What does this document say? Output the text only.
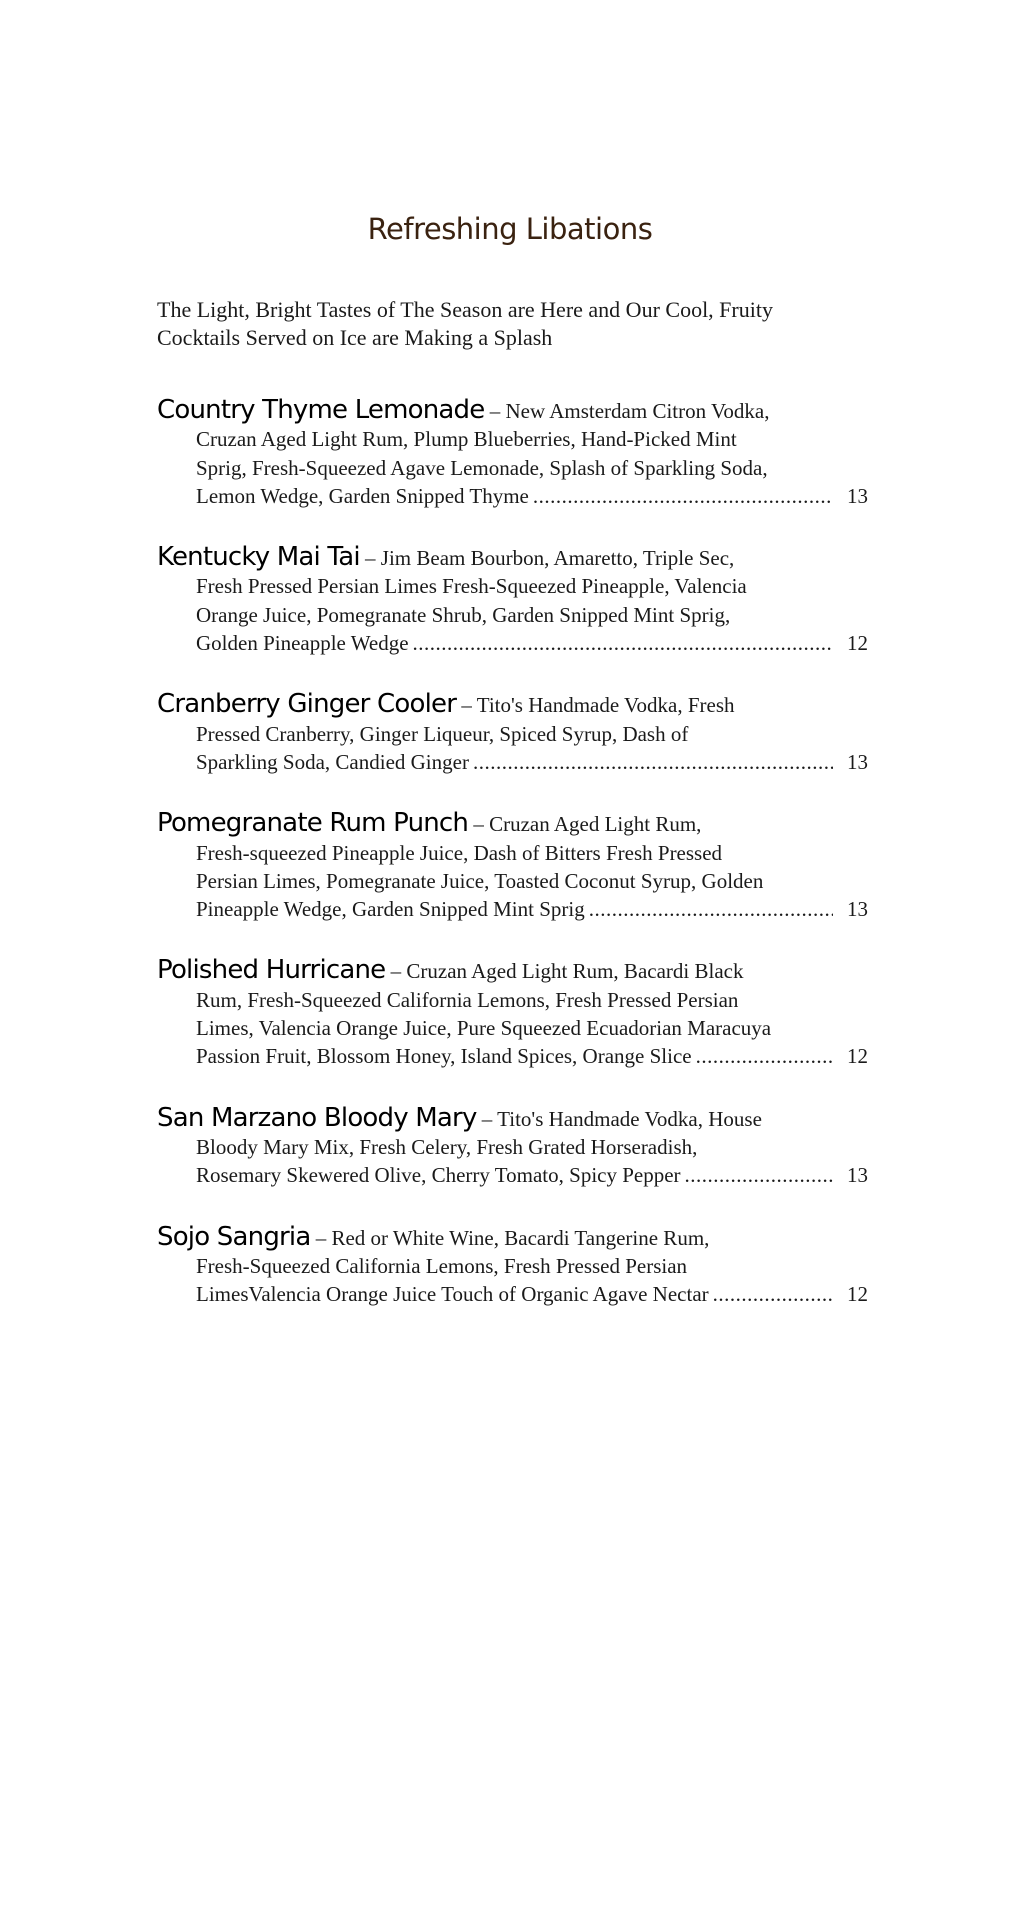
Refreshing Libations

The Light, Bright Tastes of The Season are Here and Our Cool, Fruity
Cocktails Served on Ice are Making a Splash

Country Thyme Lemonade – New Amsterdam Citron Vodka,
Cruzan Aged Light Rum, Plump Blueberries, Hand-Picked Mint
Sprig, Fresh-Squeezed Agave Lemonade, Splash of Sparkling Soda,
Lemon Wedge, Garden Snipped Thyme .....	13
Kentucky Mai Tai – Jim Beam Bourbon, Amaretto, Triple Sec,
Fresh Pressed Persian Limes Fresh-Squeezed Pineapple, Valencia
Orange Juice, Pomegranate Shrub, Garden Snipped Mint Sprig,
Golden Pineapple Wedge .....	12
Cranberry Ginger Cooler – Tito's Handmade Vodka, Fresh
Pressed Cranberry, Ginger Liqueur, Spiced Syrup, Dash of
Sparkling Soda, Candied Ginger .....	13
Pomegranate Rum Punch – Cruzan Aged Light Rum,
Fresh-squeezed Pineapple Juice, Dash of Bitters Fresh Pressed
Persian Limes, Pomegranate Juice, Toasted Coconut Syrup, Golden
Pineapple Wedge, Garden Snipped Mint Sprig .....	13
Polished Hurricane – Cruzan Aged Light Rum, Bacardi Black
Rum, Fresh-Squeezed California Lemons, Fresh Pressed Persian
Limes, Valencia Orange Juice, Pure Squeezed Ecuadorian Maracuya
Passion Fruit, Blossom Honey, Island Spices, Orange Slice .....	12
San Marzano Bloody Mary – Tito's Handmade Vodka, House
Bloody Mary Mix, Fresh Celery, Fresh Grated Horseradish,
Rosemary Skewered Olive, Cherry Tomato, Spicy Pepper .....	13
Sojo Sangria – Red or White Wine, Bacardi Tangerine Rum,
Fresh-Squeezed California Lemons, Fresh Pressed Persian
LimesValencia Orange Juice Touch of Organic Agave Nectar .....	12
